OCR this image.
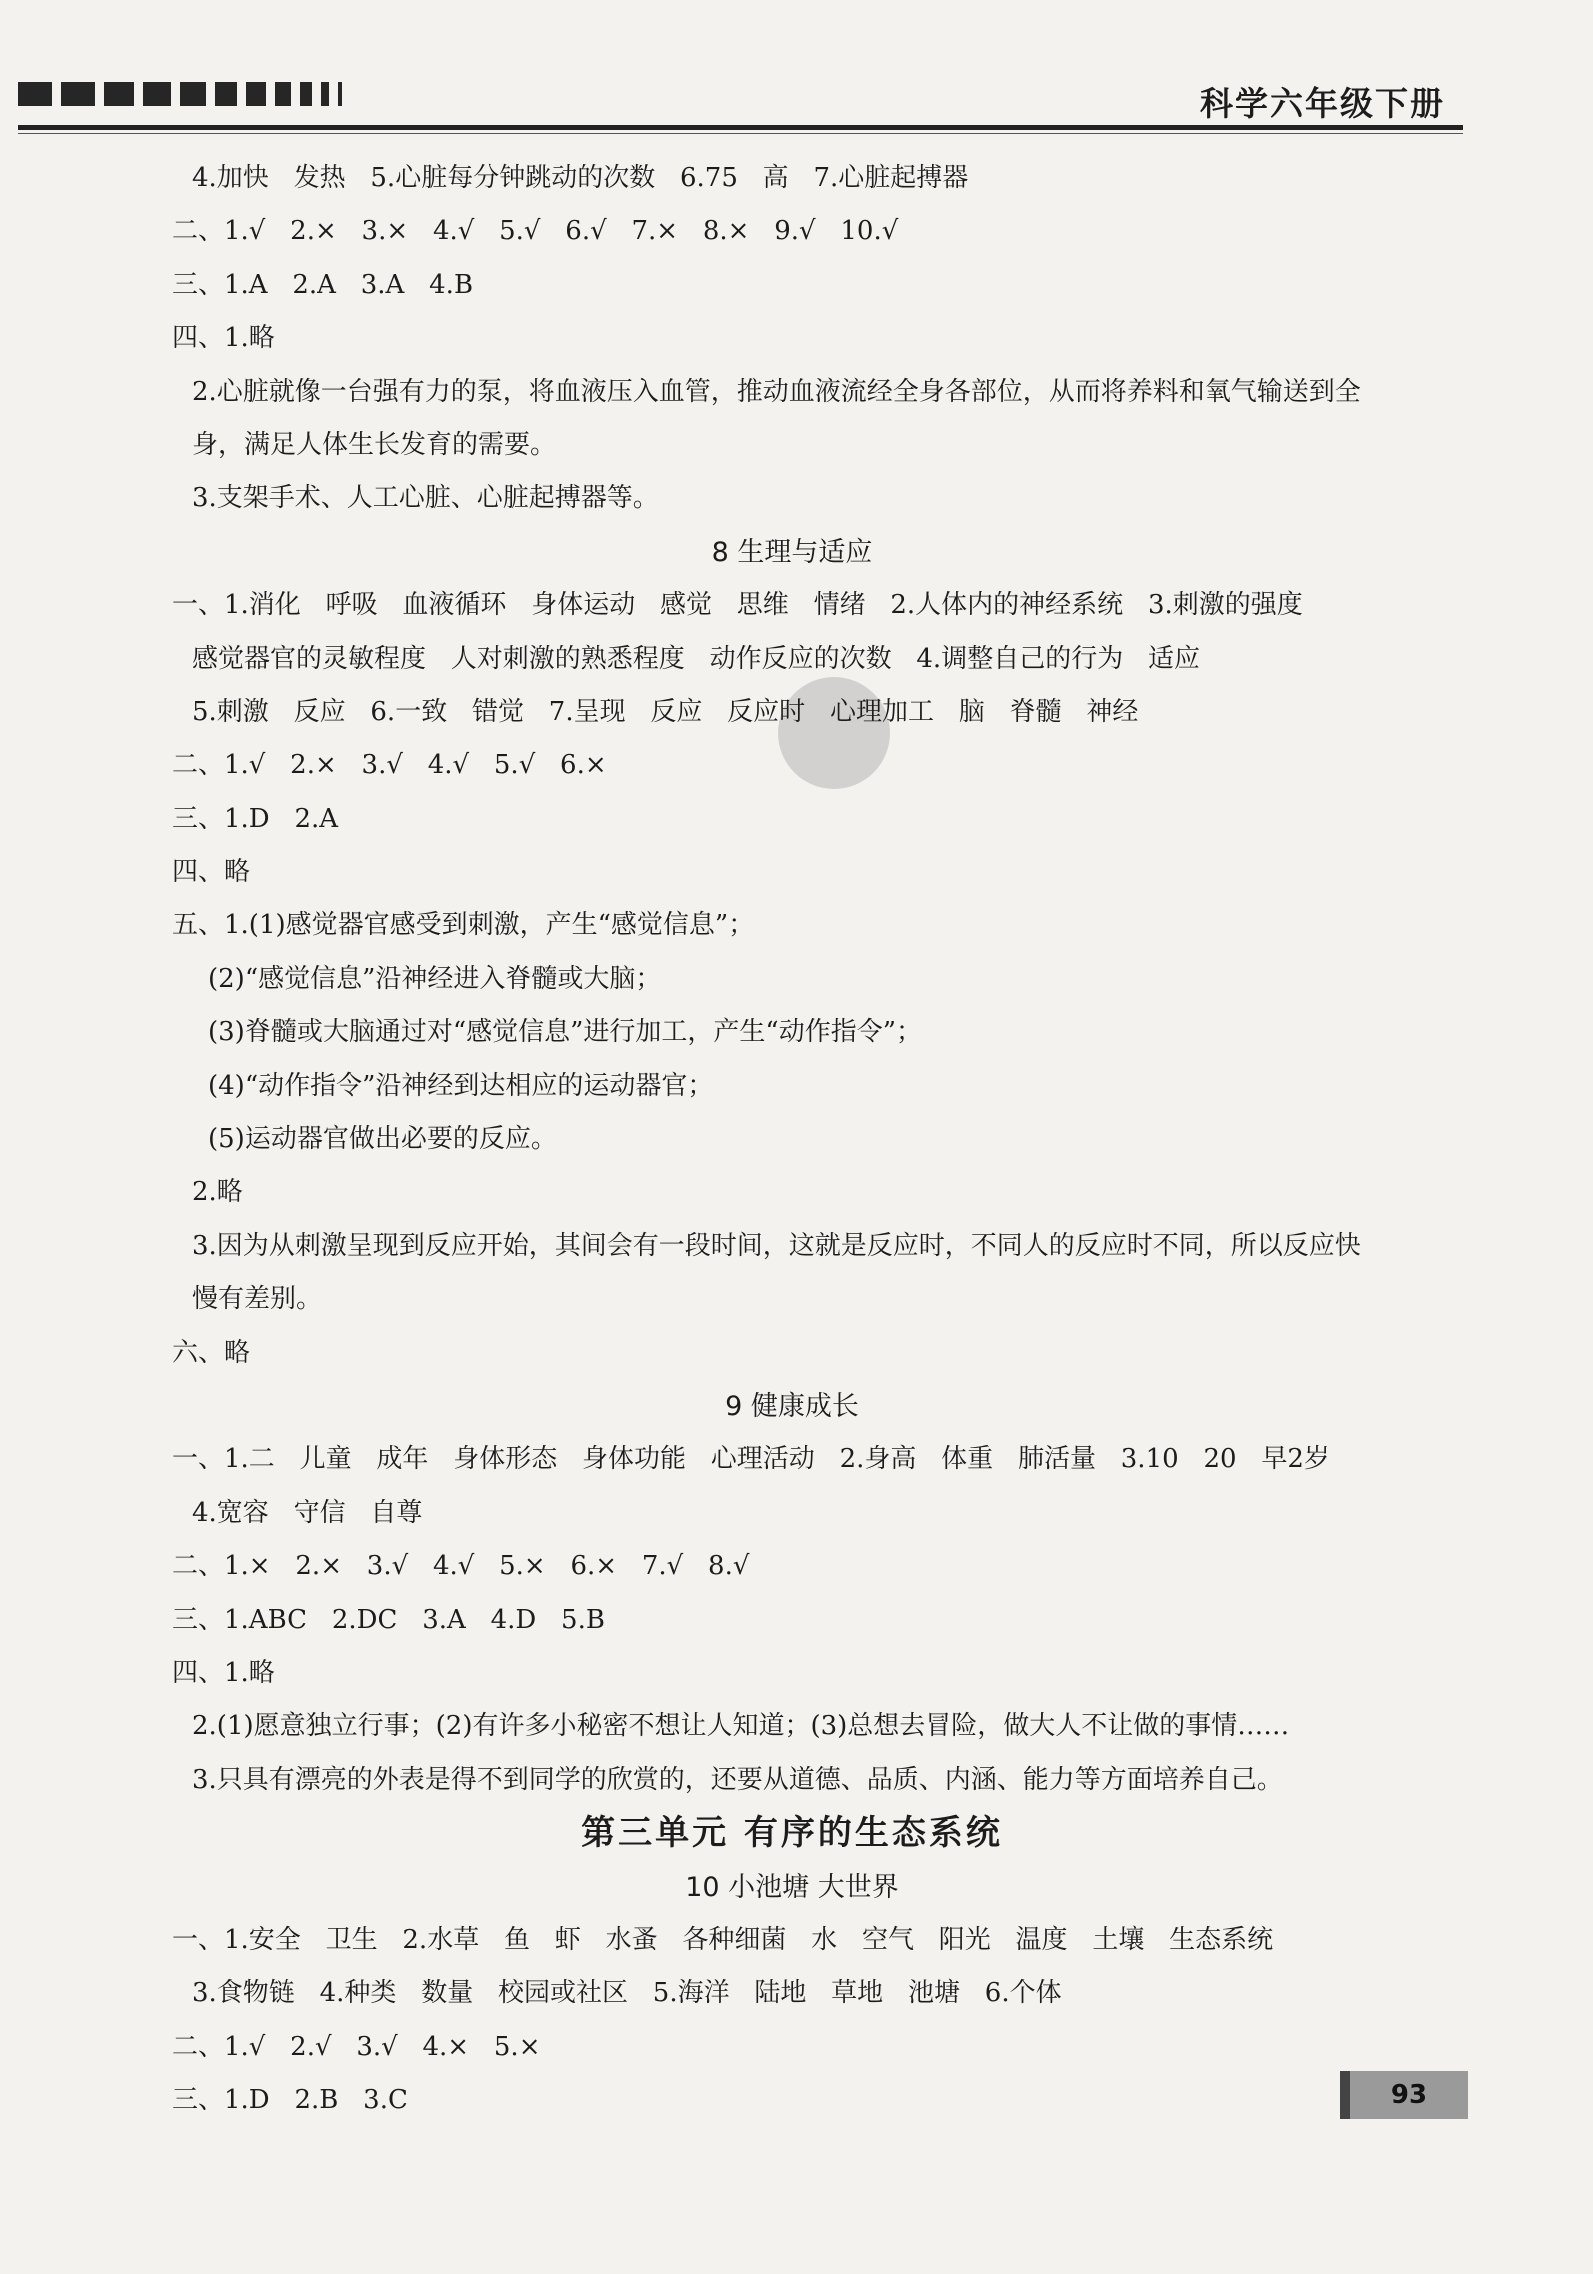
科学六年级下册
4.加快   发热   5.心脏每分钟跳动的次数   6.75   高   7.心脏起搏器
二、1.√   2.×   3.×   4.√   5.√   6.√   7.×   8.×   9.√   10.√
三、1.A   2.A   3.A   4.B
四、1.略
2.心脏就像一台强有力的泵，将血液压入血管，推动血液流经全身各部位，从而将养料和氧气输送到全
身，满足人体生长发育的需要。
3.支架手术、人工心脏、心脏起搏器等。
8 生理与适应
一、1.消化   呼吸   血液循环   身体运动   感觉   思维   情绪   2.人体内的神经系统   3.刺激的强度
感觉器官的灵敏程度   人对刺激的熟悉程度   动作反应的次数   4.调整自己的行为   适应
5.刺激   反应   6.一致   错觉   7.呈现   反应   反应时   心理加工   脑   脊髓   神经
二、1.√   2.×   3.√   4.√   5.√   6.×
三、1.D   2.A
四、略
五、1.(1)感觉器官感受到刺激，产生“感觉信息”；
(2)“感觉信息”沿神经进入脊髓或大脑；
(3)脊髓或大脑通过对“感觉信息”进行加工，产生“动作指令”；
(4)“动作指令”沿神经到达相应的运动器官；
(5)运动器官做出必要的反应。
2.略
3.因为从刺激呈现到反应开始，其间会有一段时间，这就是反应时，不同人的反应时不同，所以反应快
慢有差别。
六、略
9 健康成长
一、1.二   儿童   成年   身体形态   身体功能   心理活动   2.身高   体重   肺活量   3.10   20   早2岁
4.宽容   守信   自尊
二、1.×   2.×   3.√   4.√   5.×   6.×   7.√   8.√
三、1.ABC   2.DC   3.A   4.D   5.B
四、1.略
2.(1)愿意独立行事；(2)有许多小秘密不想让人知道；(3)总想去冒险，做大人不让做的事情……
3.只具有漂亮的外表是得不到同学的欣赏的，还要从道德、品质、内涵、能力等方面培养自己。
第三单元 有序的生态系统
10 小池塘 大世界
一、1.安全   卫生   2.水草   鱼   虾   水蚤   各种细菌   水   空气   阳光   温度   土壤   生态系统
3.食物链   4.种类   数量   校园或社区   5.海洋   陆地   草地   池塘   6.个体
二、1.√   2.√   3.√   4.×   5.×
三、1.D   2.B   3.C	93
